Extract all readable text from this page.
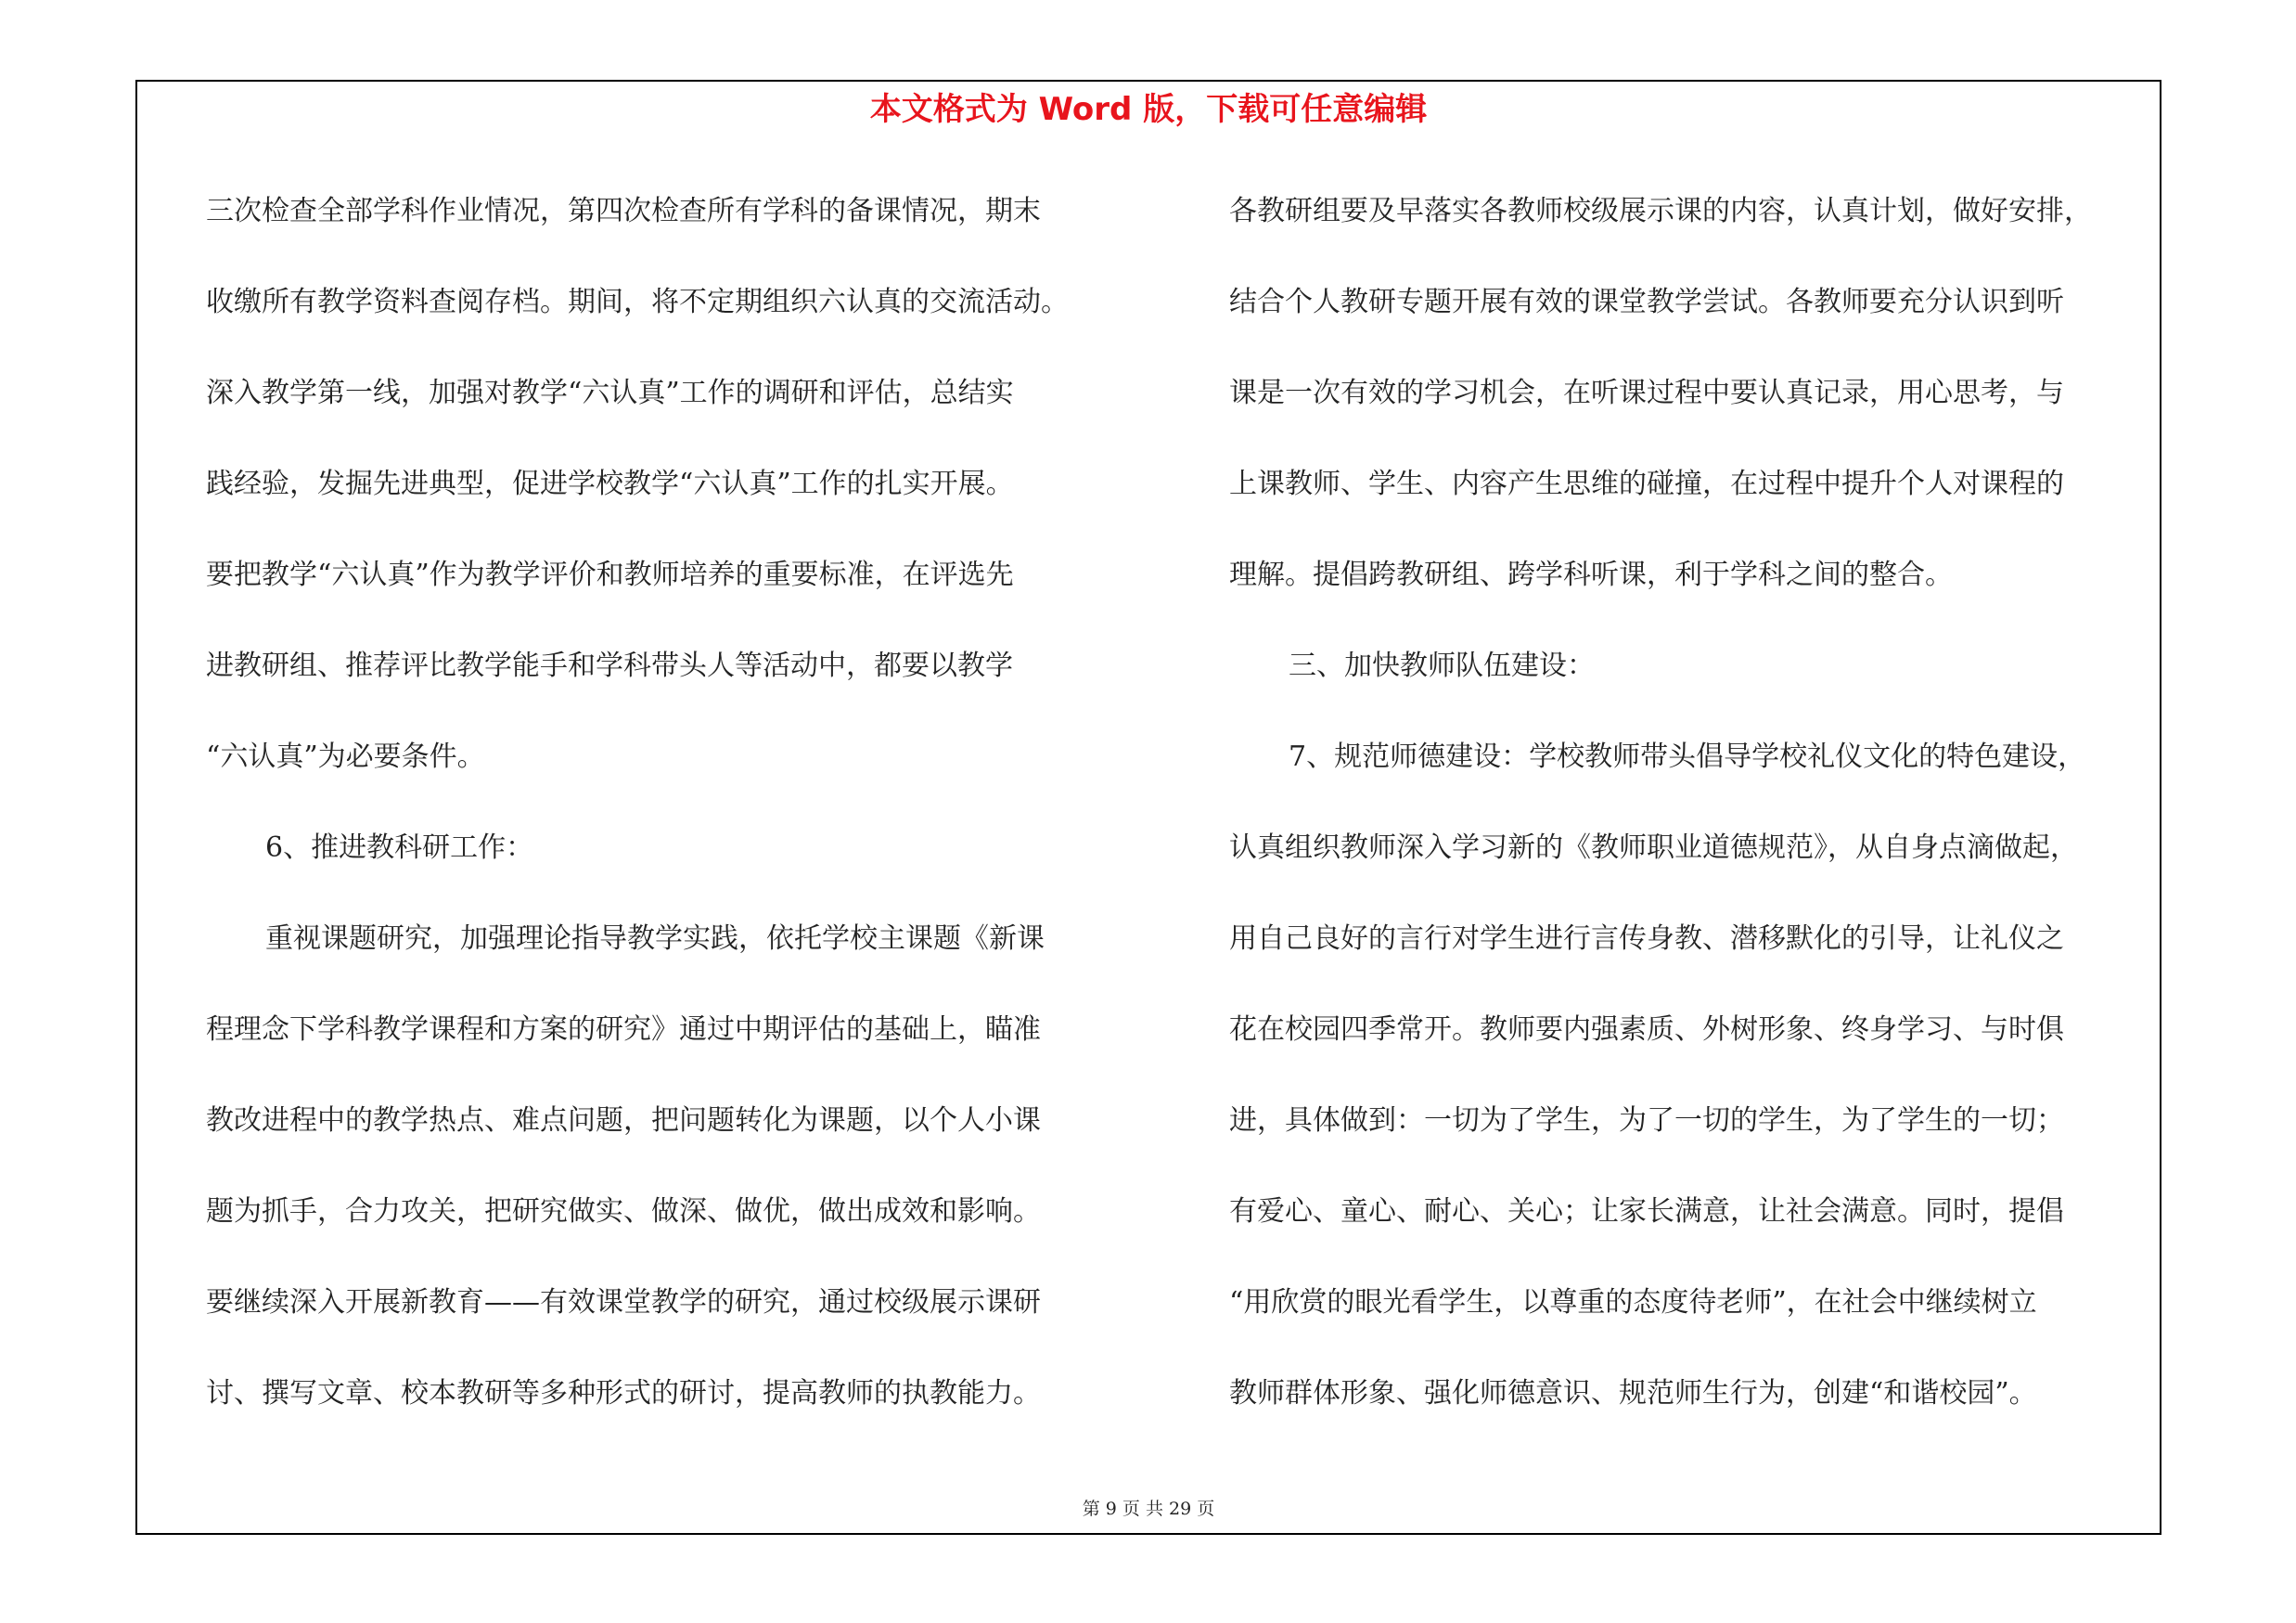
本文格式为 Word 版，下载可任意编辑
三次检查全部学科作业情况，第四次检查所有学科的备课情况，期末
收缴所有教学资料查阅存档。期间，将不定期组织六认真的交流活动。
深入教学第一线，加强对教学“六认真”工作的调研和评估，总结实
践经验，发掘先进典型，促进学校教学“六认真”工作的扎实开展。
要把教学“六认真”作为教学评价和教师培养的重要标准，在评选先
进教研组、推荐评比教学能手和学科带头人等活动中，都要以教学
“六认真”为必要条件。
6、推进教科研工作：
重视课题研究，加强理论指导教学实践，依托学校主课题《新课
程理念下学科教学课程和方案的研究》通过中期评估的基础上，瞄准
教改进程中的教学热点、难点问题，把问题转化为课题，以个人小课
题为抓手，合力攻关，把研究做实、做深、做优，做出成效和影响。
要继续深入开展新教育——有效课堂教学的研究，通过校级展示课研
讨、撰写文章、校本教研等多种形式的研讨，提高教师的执教能力。
各教研组要及早落实各教师校级展示课的内容，认真计划，做好安排，
结合个人教研专题开展有效的课堂教学尝试。各教师要充分认识到听
课是一次有效的学习机会，在听课过程中要认真记录，用心思考，与
上课教师、学生、内容产生思维的碰撞，在过程中提升个人对课程的
理解。提倡跨教研组、跨学科听课，利于学科之间的整合。
三、加快教师队伍建设：
7、规范师德建设：学校教师带头倡导学校礼仪文化的特色建设，
认真组织教师深入学习新的《教师职业道德规范》，从自身点滴做起，
用自己良好的言行对学生进行言传身教、潜移默化的引导，让礼仪之
花在校园四季常开。教师要内强素质、外树形象、终身学习、与时俱
进，具体做到：一切为了学生，为了一切的学生，为了学生的一切；
有爱心、童心、耐心、关心；让家长满意，让社会满意。同时，提倡
“用欣赏的眼光看学生，以尊重的态度待老师”，在社会中继续树立
教师群体形象、强化师德意识、规范师生行为，创建“和谐校园”。
第 9 页 共 29 页
